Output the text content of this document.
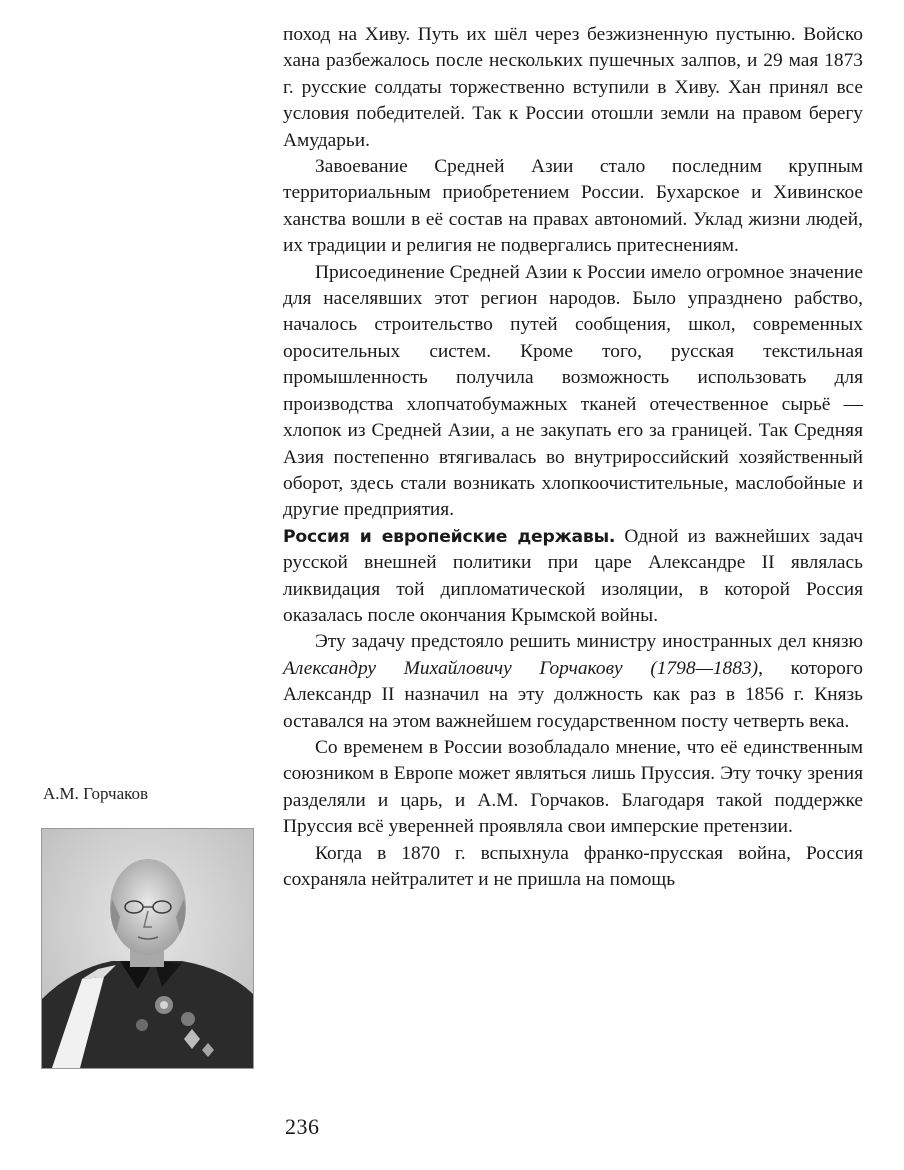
поход на Хиву. Путь их шёл через безжизненную пустыню. Войско хана разбежалось после нескольких пушечных залпов, и 29 мая 1873 г. русские солдаты торжественно вступили в Хиву. Хан принял все условия победителей. Так к России отошли земли на правом берегу Амударьи.

Завоевание Средней Азии стало последним крупным территориальным приобретением России. Бухарское и Хивинское ханства вошли в её состав на правах автономий. Уклад жизни людей, их традиции и религия не подвергались притеснениям.

Присоединение Средней Азии к России имело огромное значение для населявших этот регион народов. Было упразднено рабство, началось строительство путей сообщения, школ, современных оросительных систем. Кроме того, русская текстильная промышленность получила возможность использовать для производства хлопчатобумажных тканей отечественное сырьё — хлопок из Средней Азии, а не закупать его за границей. Так Средняя Азия постепенно втягивалась во внутрироссийский хозяйственный оборот, здесь стали возникать хлопкоочистительные, маслобойные и другие предприятия.

Россия и европейские державы. Одной из важнейших задач русской внешней политики при царе Александре II являлась ликвидация той дипломатической изоляции, в которой Россия оказалась после окончания Крымской войны.

Эту задачу предстояло решить министру иностранных дел князю Александру Михайловичу Горчакову (1798—1883), которого Александр II назначил на эту должность как раз в 1856 г. Князь оставался на этом важнейшем государственном посту четверть века.

Со временем в России возобладало мнение, что её единственным союзником в Европе может являться лишь Пруссия. Эту точку зрения разделяли и царь, и А.М. Горчаков. Благодаря такой поддержке Пруссия всё уверенней проявляла свои имперские претензии.

Когда в 1870 г. вспыхнула франко-прусская война, Россия сохраняла нейтралитет и не пришла на помощь

А.М. Горчаков
236
